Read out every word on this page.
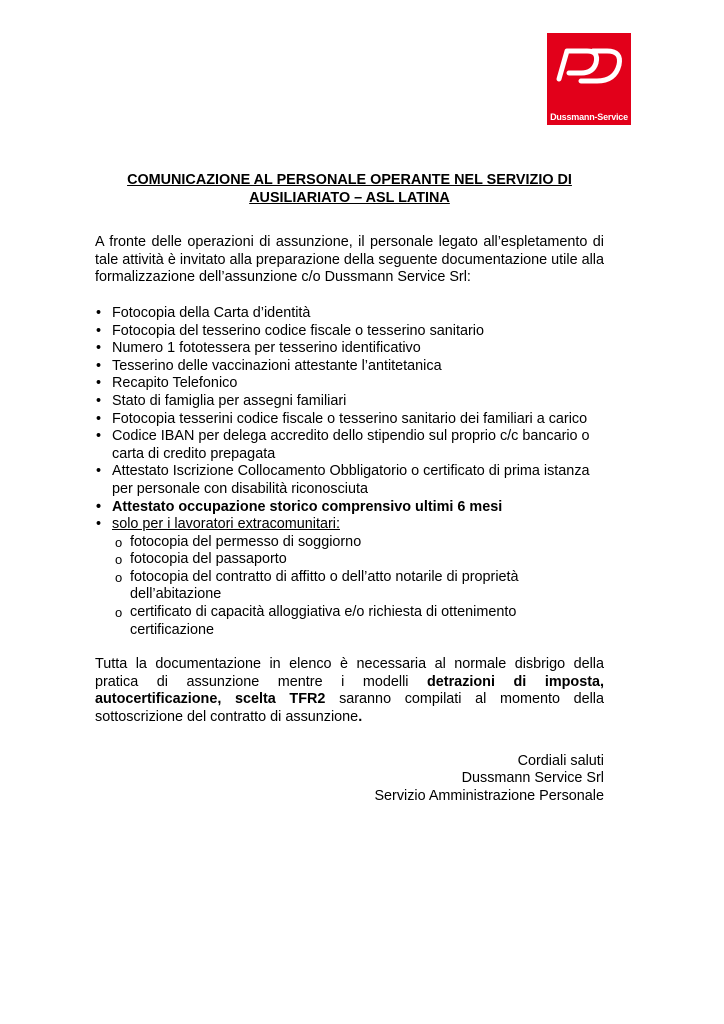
Dussmann-Service

COMUNICAZIONE AL PERSONALE OPERANTE NEL SERVIZIO DI AUSILIARIATO – ASL LATINA

A fronte delle operazioni di assunzione, il personale legato all’espletamento di tale attività è invitato alla preparazione della seguente documentazione utile alla formalizzazione dell’assunzione c/o Dussmann Service Srl:

• Fotocopia della Carta d’identità
• Fotocopia del tesserino codice fiscale o tesserino sanitario
• Numero 1 fototessera per tesserino identificativo
• Tesserino delle vaccinazioni attestante l’antitetanica
• Recapito Telefonico
• Stato di famiglia per assegni familiari
• Fotocopia tesserini codice fiscale o tesserino sanitario dei familiari a carico
• Codice IBAN per delega accredito dello stipendio sul proprio c/c bancario o carta di credito prepagata
• Attestato Iscrizione Collocamento Obbligatorio o certificato di prima istanza per personale con disabilità riconosciuta
• Attestato occupazione storico comprensivo ultimi 6 mesi
• solo per i lavoratori extracomunitari:
o fotocopia del permesso di soggiorno
o fotocopia del passaporto
o fotocopia del contratto di affitto o dell’atto notarile di proprietà dell’abitazione
o certificato di capacità alloggiativa e/o richiesta di ottenimento certificazione

Tutta la documentazione in elenco è necessaria al normale disbrigo della pratica di assunzione mentre i modelli detrazioni di imposta, autocertificazione, scelta TFR2 saranno compilati al momento della sottoscrizione del contratto di assunzione.

Cordiali saluti
Dussmann Service Srl
Servizio Amministrazione Personale
